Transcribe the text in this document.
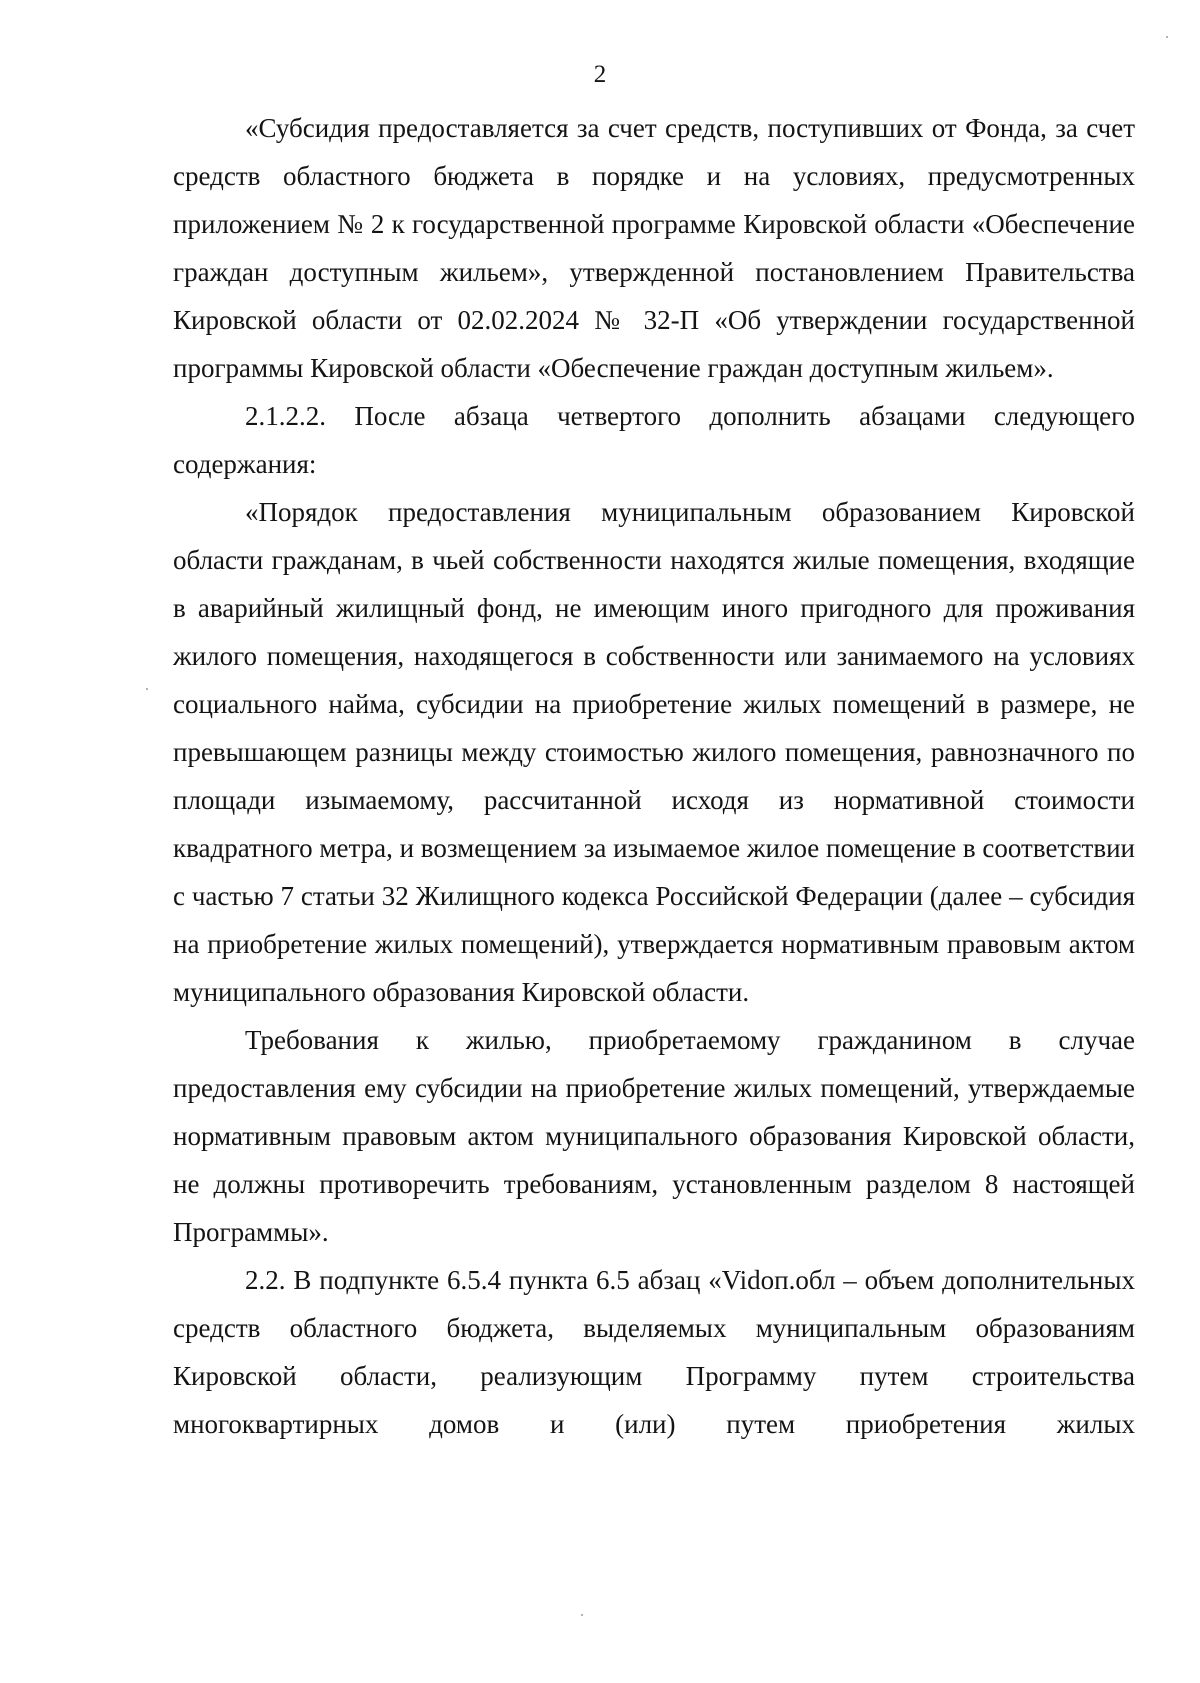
2

«Субсидия предоставляется за счет средств, поступивших от Фонда, за счет средств областного бюджета в порядке и на условиях, предусмотренных приложением № 2 к государственной программе Кировской области «Обеспечение граждан доступным жильем», утвержденной постановлением Правительства Кировской области от 02.02.2024 № 32-П «Об утверждении государственной программы Кировской области «Обеспечение граждан доступным жильем».

2.1.2.2. После абзаца четвертого дополнить абзацами следующего содержания:

«Порядок предоставления муниципальным образованием Кировской области гражданам, в чьей собственности находятся жилые помещения, входящие в аварийный жилищный фонд, не имеющим иного пригодного для проживания жилого помещения, находящегося в собственности или занимаемого на условиях социального найма, субсидии на приобретение жилых помещений в размере, не превышающем разницы между стоимостью жилого помещения, равнозначного по площади изымаемому, рассчитанной исходя из нормативной стоимости квадратного метра, и возмещением за изымаемое жилое помещение в соответствии с частью 7 статьи 32 Жилищного кодекса Российской Федерации (далее – субсидия на приобретение жилых помещений), утверждается нормативным правовым актом муниципального образования Кировской области.

Требования к жилью, приобретаемому гражданином в случае предоставления ему субсидии на приобретение жилых помещений, утверждаемые нормативным правовым актом муниципального образования Кировской области, не должны противоречить требованиям, установленным разделом 8 настоящей Программы».

2.2. В подпункте 6.5.4 пункта 6.5 абзац «Vidоп.обл – объем дополнительных средств областного бюджета, выделяемых муниципальным образованиям Кировской области, реализующим Программу путем строительства многоквартирных домов и (или) путем приобретения жилых
